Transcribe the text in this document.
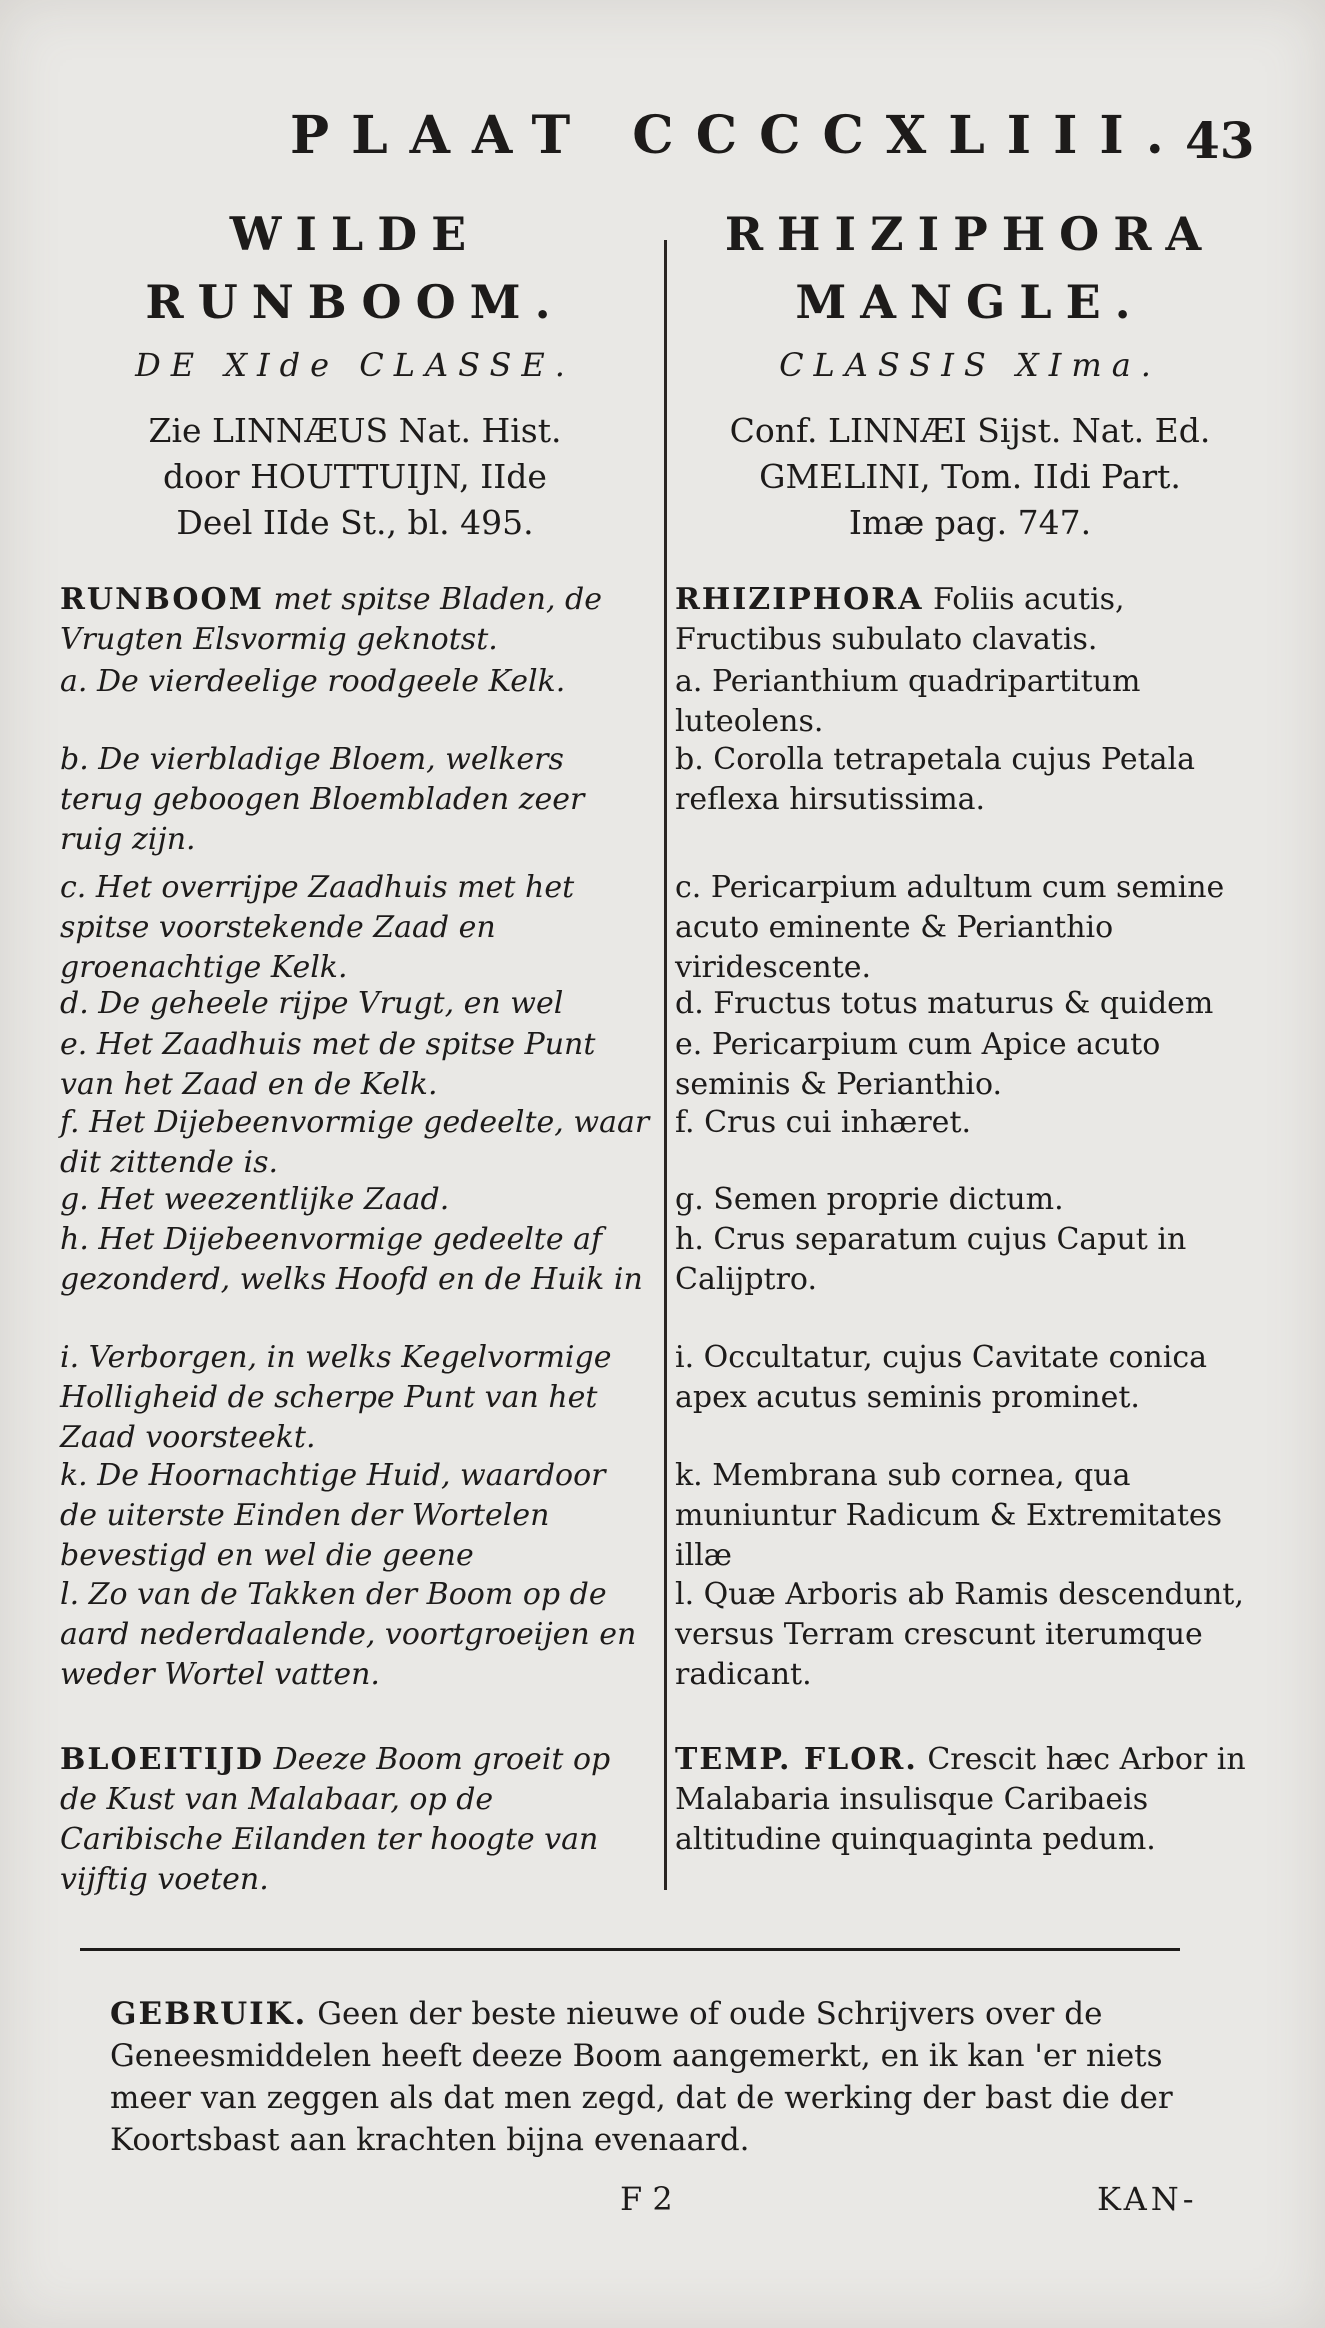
PLAAT CCCCXLIII. 43
WILDE
RUNBOOM.
DE XIde CLASSE.
Zie LINNÆUS Nat. Hist.
door HOUTTUIJN, IIde
Deel IIde St., bl. 495.
RUNBOOM met spitse Bladen, de Vrugten Elsvormig geknotst.
a. De vierdeelige roodgeele Kelk.
b. De vierbladige Bloem, welkers terug geboogen Bloembladen zeer ruig zijn.
c. Het overrijpe Zaadhuis met het spitse voorstekende Zaad en groenachtige Kelk.
d. De geheele rijpe Vrugt, en wel
e. Het Zaadhuis met de spitse Punt van het Zaad en de Kelk.
f. Het Dijebeenvormige gedeelte, waar dit zittende is.
g. Het weezentlijke Zaad.
h. Het Dijebeenvormige gedeelte af gezonderd, welks Hoofd en de Huik in
i. Verborgen, in welks Kegelvormige Holligheid de scherpe Punt van het Zaad voorsteekt.
k. De Hoornachtige Huid, waardoor de uiterste Einden der Wortelen bevestigd en wel die geene
l. Zo van de Takken der Boom op de aard nederdaalende, voortgroeijen en weder Wortel vatten.
BLOEITIJD Deeze Boom groeit op de Kust van Malabaar, op de Caribische Eilanden ter hoogte van vijftig voeten.
RHIZIPHORA
MANGLE.
CLASSIS XIma.
Conf. LINNÆI Sijst. Nat. Ed.
GMELINI, Tom. IIdi Part.
Imæ pag. 747.
RHIZIPHORA Foliis acutis, Fructibus subulato clavatis.
a. Perianthium quadripartitum luteolens.
b. Corolla tetrapetala cujus Petala reflexa hirsutissima.
c. Pericarpium adultum cum semine acuto eminente & Perianthio viridescente.
d. Fructus totus maturus & quidem
e. Pericarpium cum Apice acuto seminis & Perianthio.
f. Crus cui inhæret.
g. Semen proprie dictum.
h. Crus separatum cujus Caput in Calijptro.
i. Occultatur, cujus Cavitate conica apex acutus seminis prominet.
k. Membrana sub cornea, qua muniuntur Radicum & Extremitates illæ
l. Quæ Arboris ab Ramis descendunt, versus Terram crescunt iterumque radicant.
TEMP. FLOR. Crescit hæc Arbor in Malabaria insulisque Caribaeis altitudine quinquaginta pedum.
GEBRUIK. Geen der beste nieuwe of oude Schrijvers over de Geneesmiddelen heeft deeze Boom aangemerkt, en ik kan 'er niets meer van zeggen als dat men zegd, dat de werking der bast die der Koortsbast aan krachten bijna evenaard.
F 2	KAN-
